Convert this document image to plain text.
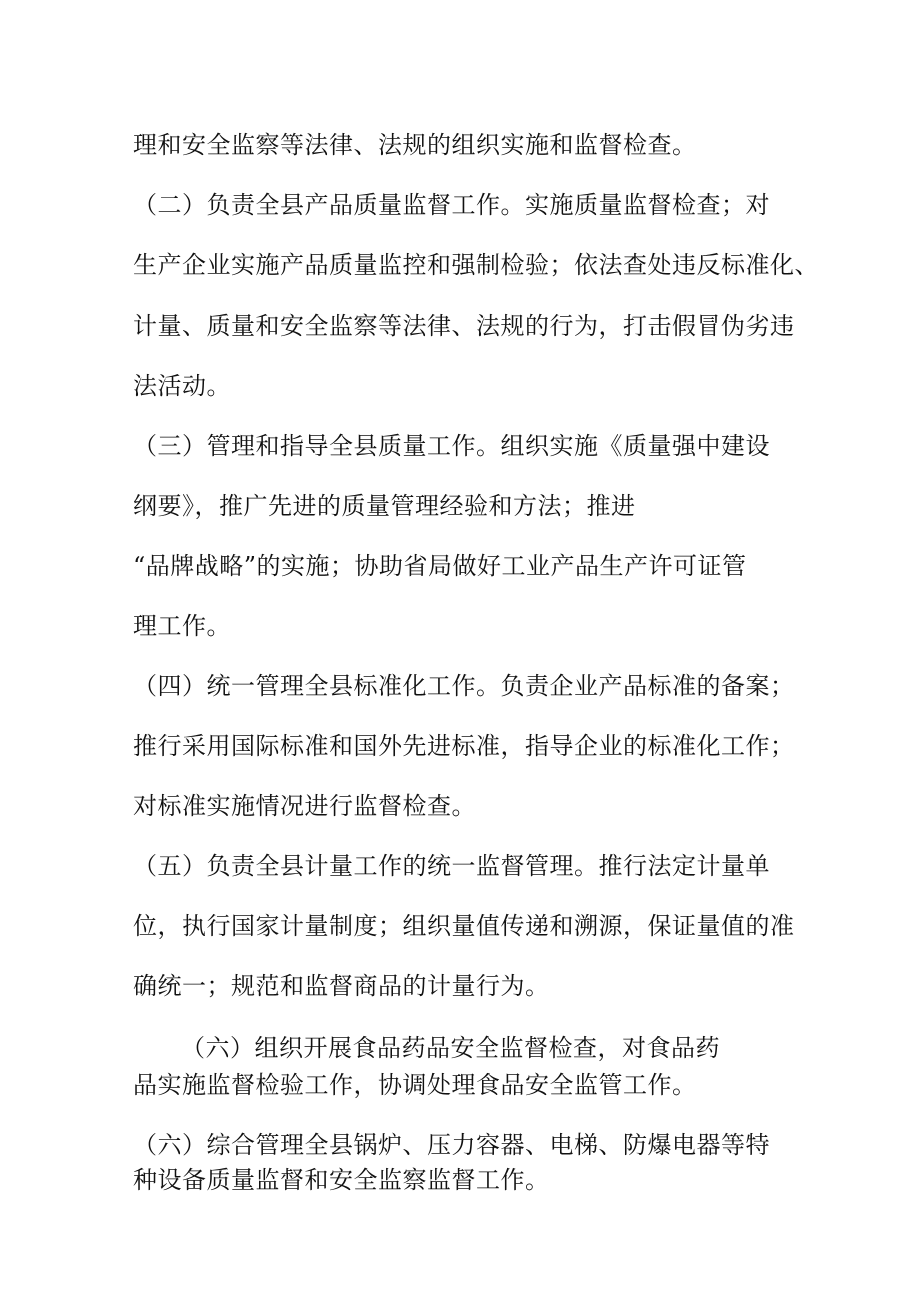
理和安全监察等法律、法规的组织实施和监督检查。
（二）负责全县产品质量监督工作。实施质量监督检查；对
生产企业实施产品质量监控和强制检验；依法查处违反标准化、
计量、质量和安全监察等法律、法规的行为，打击假冒伪劣违
法活动。
（三）管理和指导全县质量工作。组织实施《质量强中建设
纲要》，推广先进的质量管理经验和方法；推进
“品牌战略”的实施；协助省局做好工业产品生产许可证管
理工作。
（四）统一管理全县标准化工作。负责企业产品标准的备案；
推行采用国际标准和国外先进标准，指导企业的标准化工作；
对标准实施情况进行监督检查。
（五）负责全县计量工作的统一监督管理。推行法定计量单
位，执行国家计量制度；组织量值传递和溯源，保证量值的准
确统一；规范和监督商品的计量行为。
（六）组织开展食品药品安全监督检查，对食品药
品实施监督检验工作，协调处理食品安全监管工作。
（六）综合管理全县锅炉、压力容器、电梯、防爆电器等特
种设备质量监督和安全监察监督工作。
